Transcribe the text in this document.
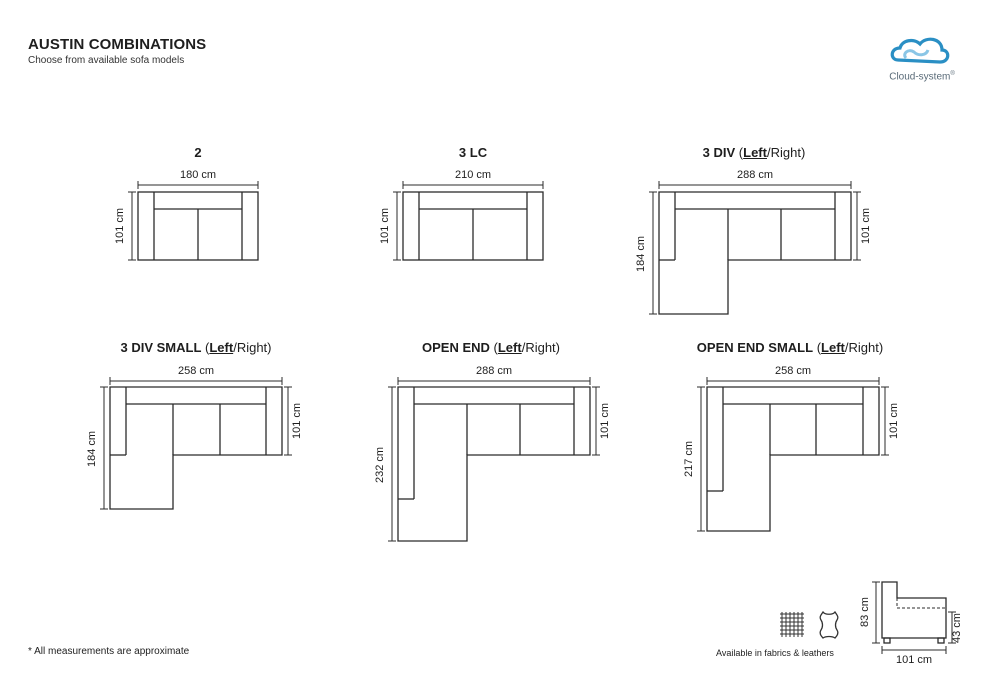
AUSTIN COMBINATIONS
Choose from available sofa models
Cloud-system®
2	3 LC	3 DIV (Left/Right)
3 DIV SMALL (Left/Right)	OPEN END (Left/Right)	OPEN END SMALL (Left/Right)
180 cm	210 cm	288 cm
258 cm	288 cm	258 cm
101 cm	101 cm
184 cm
101 cm
184 cm
101 cm
232 cm
101 cm
217 cm
101 cm
83 cm
43 cm
101 cm
* All measurements are approximate	Available in fabrics & leathers
